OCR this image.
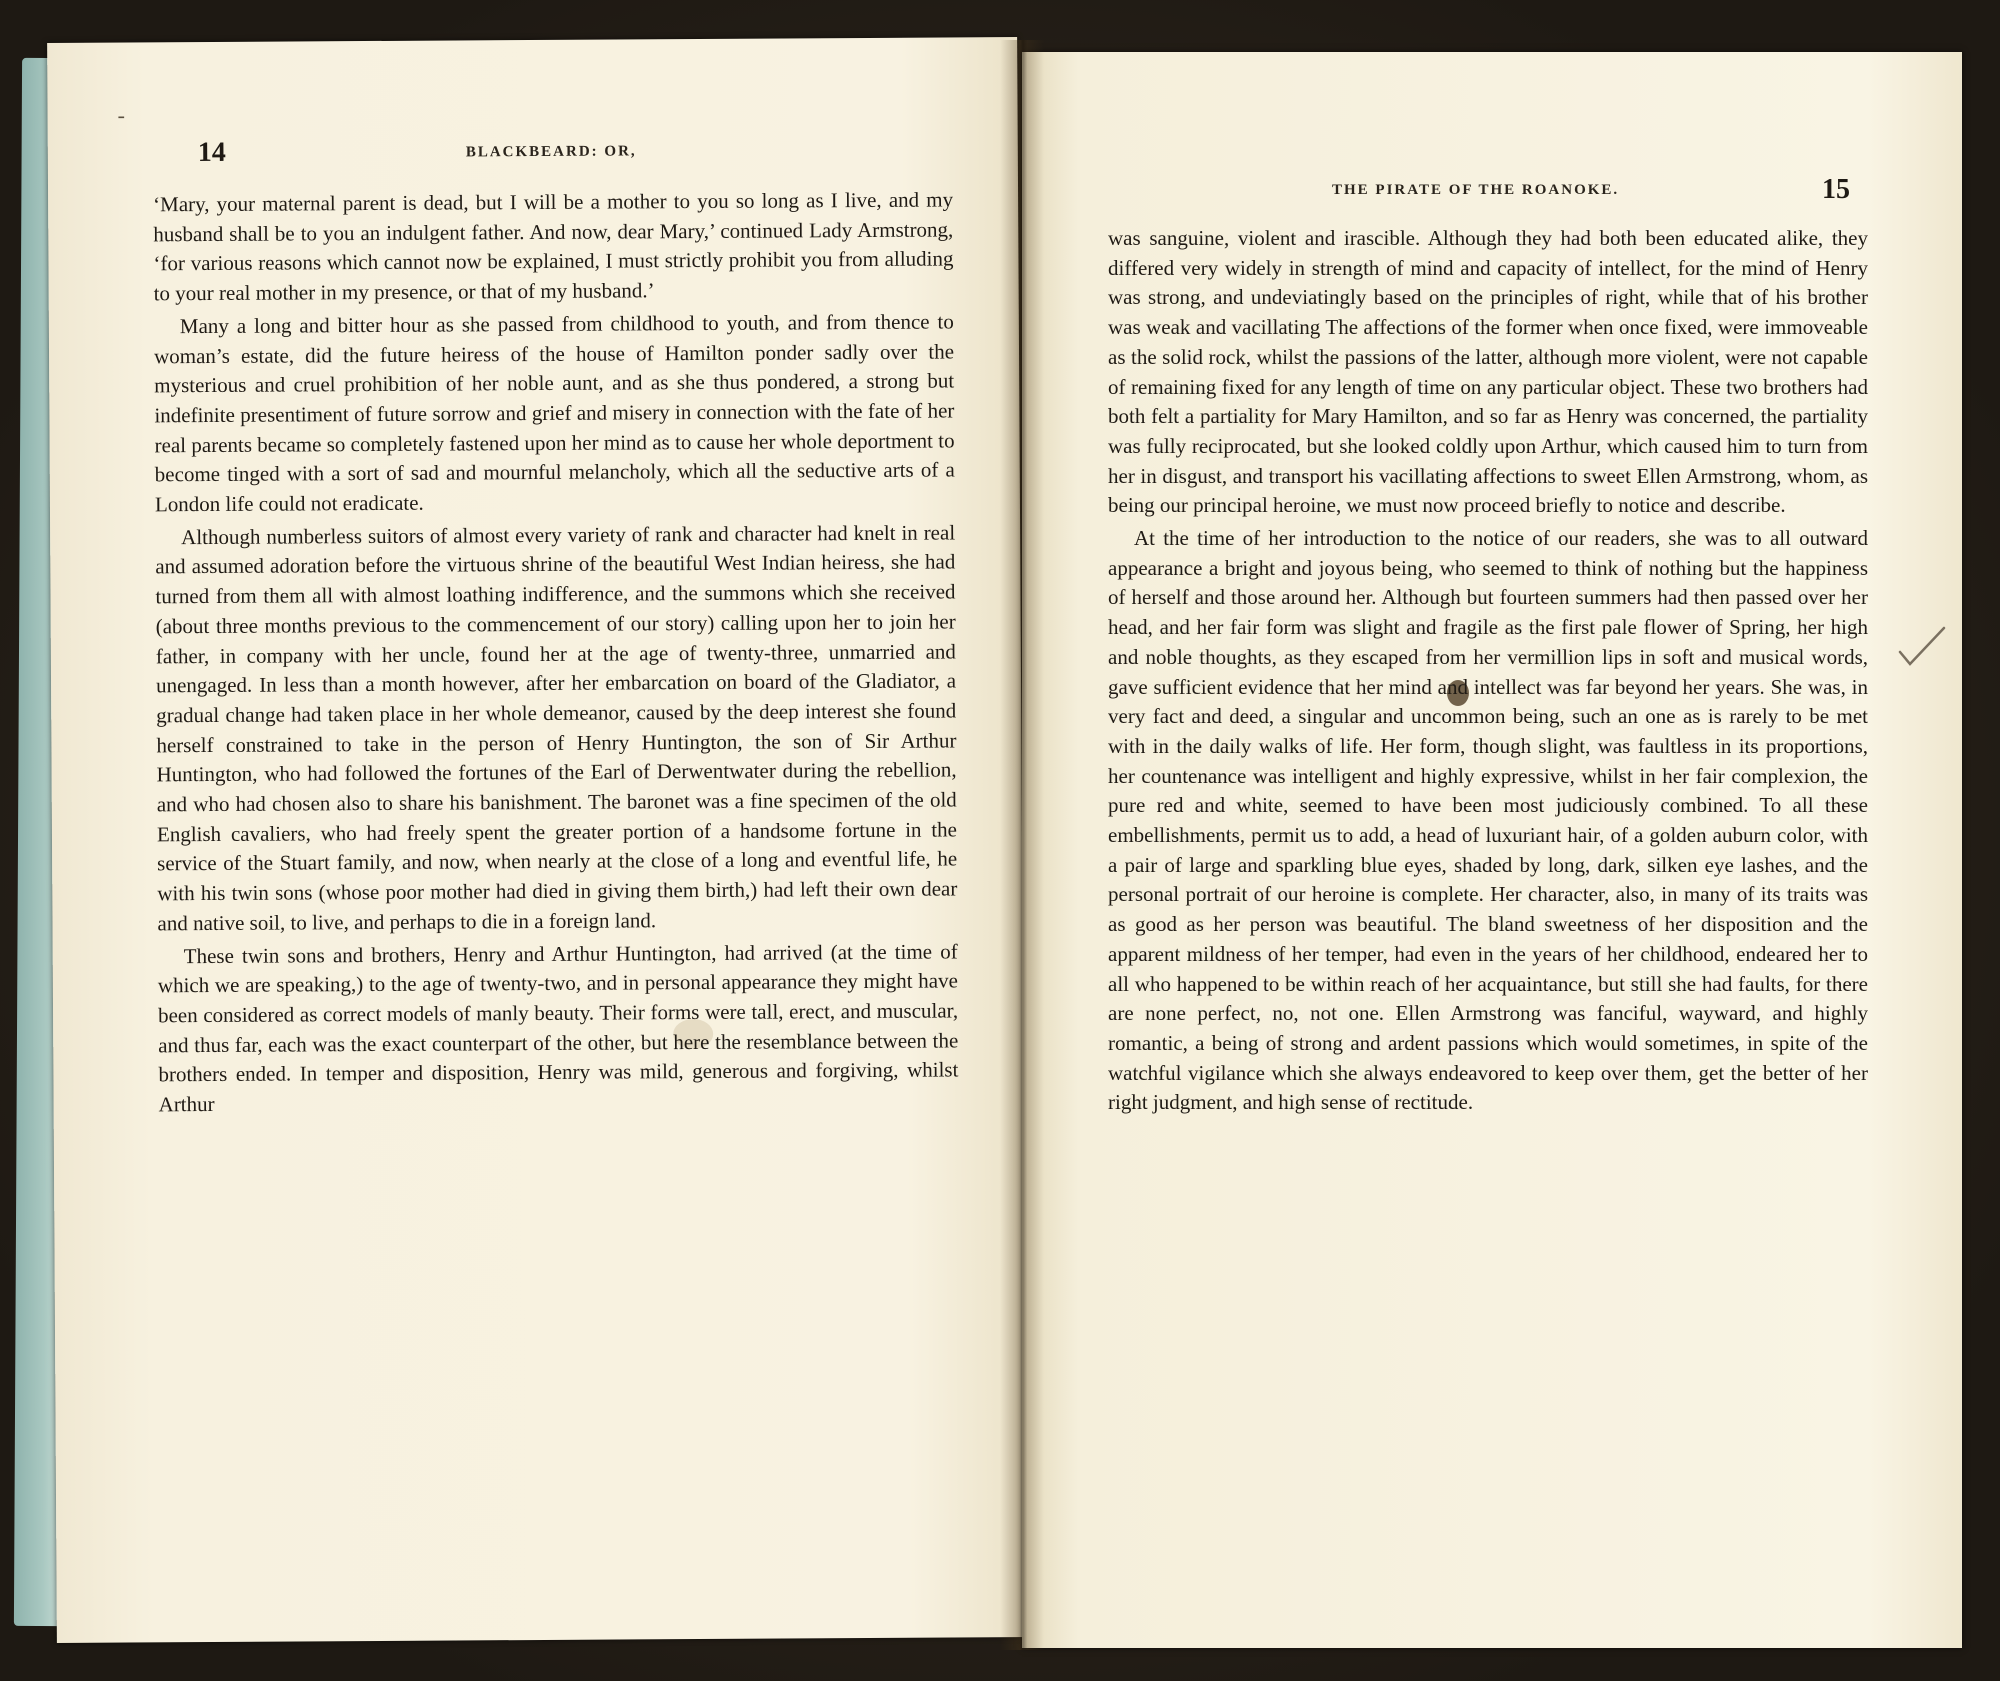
-
14	BLACKBEARD: OR,

‘Mary, your maternal parent is dead, but I will be a mother to you so long as I live, and my husband shall be to you an indulgent father. And now, dear Mary,’ continued Lady Armstrong, ‘for various reasons which cannot now be explained, I must strictly prohibit you from alluding to your real mother in my presence, or that of my husband.’

Many a long and bitter hour as she passed from childhood to youth, and from thence to woman’s estate, did the future heiress of the house of Hamilton ponder sadly over the mysterious and cruel prohibition of her noble aunt, and as she thus pondered, a strong but indefinite presentiment of future sorrow and grief and misery in connection with the fate of her real parents became so completely fastened upon her mind as to cause her whole deportment to become tinged with a sort of sad and mournful melancholy, which all the seductive arts of a London life could not eradicate.

Although numberless suitors of almost every variety of rank and character had knelt in real and assumed adoration before the virtuous shrine of the beautiful West Indian heiress, she had turned from them all with almost loathing indifference, and the summons which she received (about three months previous to the commencement of our story) calling upon her to join her father, in company with her uncle, found her at the age of twenty-three, unmarried and unengaged. In less than a month however, after her embarcation on board of the Gladiator, a gradual change had taken place in her whole demeanor, caused by the deep interest she found herself constrained to take in the person of Henry Huntington, the son of Sir Arthur Huntington, who had followed the fortunes of the Earl of Derwentwater during the rebellion, and who had chosen also to share his banishment. The baronet was a fine specimen of the old English cavaliers, who had freely spent the greater portion of a handsome fortune in the service of the Stuart family, and now, when nearly at the close of a long and eventful life, he with his twin sons (whose poor mother had died in giving them birth,) had left their own dear and native soil, to live, and perhaps to die in a foreign land.

These twin sons and brothers, Henry and Arthur Huntington, had arrived (at the time of which we are speaking,) to the age of twenty-two, and in personal appearance they might have been considered as correct models of manly beauty. Their forms were tall, erect, and muscular, and thus far, each was the exact counterpart of the other, but here the resemblance between the brothers ended. In temper and disposition, Henry was mild, generous and forgiving, whilst Arthur

THE PIRATE OF THE ROANOKE.	15

was sanguine, violent and irascible. Although they had both been educated alike, they differed very widely in strength of mind and capacity of intellect, for the mind of Henry was strong, and undeviatingly based on the principles of right, while that of his brother was weak and vacillating The affections of the former when once fixed, were immoveable as the solid rock, whilst the passions of the latter, although more violent, were not capable of remaining fixed for any length of time on any particular object. These two brothers had both felt a partiality for Mary Hamilton, and so far as Henry was concerned, the partiality was fully reciprocated, but she looked coldly upon Arthur, which caused him to turn from her in disgust, and transport his vacillating affections to sweet Ellen Armstrong, whom, as being our principal heroine, we must now proceed briefly to notice and describe.

At the time of her introduction to the notice of our readers, she was to all outward appearance a bright and joyous being, who seemed to think of nothing but the happiness of herself and those around her. Although but fourteen summers had then passed over her head, and her fair form was slight and fragile as the first pale flower of Spring, her high and noble thoughts, as they escaped from her vermillion lips in soft and musical words, gave sufficient evidence that her mind and intellect was far beyond her years. She was, in very fact and deed, a singular and uncommon being, such an one as is rarely to be met with in the daily walks of life. Her form, though slight, was faultless in its proportions, her countenance was intelligent and highly expressive, whilst in her fair complexion, the pure red and white, seemed to have been most judiciously combined. To all these embellishments, permit us to add, a head of luxuriant hair, of a golden auburn color, with a pair of large and sparkling blue eyes, shaded by long, dark, silken eye lashes, and the personal portrait of our heroine is complete. Her character, also, in many of its traits was as good as her person was beautiful. The bland sweetness of her disposition and the apparent mildness of her temper, had even in the years of her childhood, endeared her to all who happened to be within reach of her acquaintance, but still she had faults, for there are none perfect, no, not one. Ellen Armstrong was fanciful, wayward, and highly romantic, a being of strong and ardent passions which would sometimes, in spite of the watchful vigilance which she always endeavored to keep over them, get the better of her right judgment, and high sense of rectitude.
